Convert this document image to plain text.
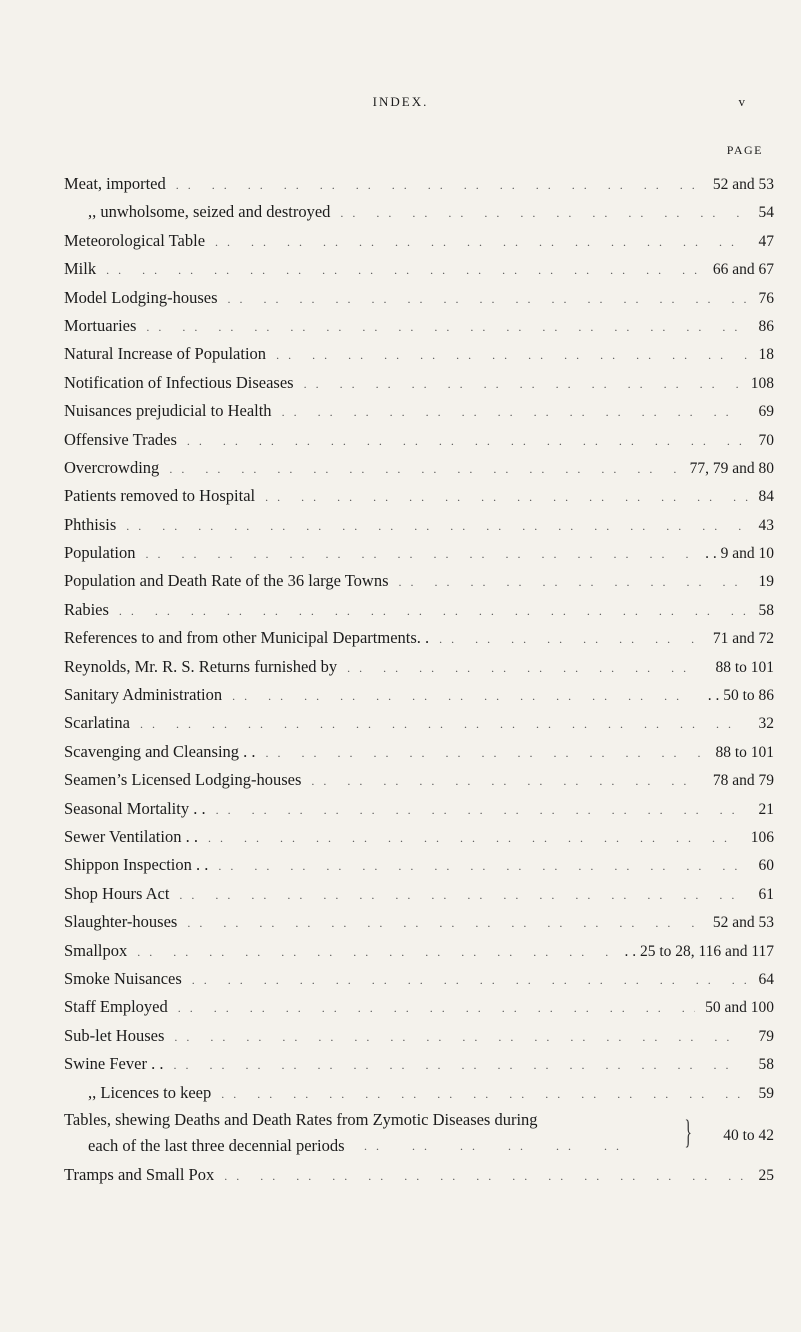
INDEX.	v
PAGE
Meat, imported . .	52 and 53
,, unwholsome, seized and destroyed . .	54
Meteorological Table . .	47
Milk . .	66 and 67
Model Lodging-houses . .	76
Mortuaries . .	86
Natural Increase of Population . .	18
Notification of Infectious Diseases . .	108
Nuisances prejudicial to Health . .	69
Offensive Trades . .	70
Overcrowding . .	77, 79 and 80
Patients removed to Hospital . .	84
Phthisis . .	43
Population . .	. . 9 and 10
Population and Death Rate of the 36 large Towns . .	19
Rabies . .	58
References to and from other Municipal Departments. . . .	71 and 72
Reynolds, Mr. R. S. Returns furnished by . .	88 to 101
Sanitary Administration . .	. . 50 to 86
Scarlatina . .	32
Scavenging and Cleansing . . . .	88 to 101
Seamen’s Licensed Lodging-houses . .	78 and 79
Seasonal Mortality . . . .	21
Sewer Ventilation . . . .	106
Shippon Inspection . . . .	60
Shop Hours Act . .	61
Slaughter-houses . .	52 and 53
Smallpox . .	. . 25 to 28, 116 and 117
Smoke Nuisances . .	64
Staff Employed . .	50 and 100
Sub-let Houses . .	79
Swine Fever . . . .	58
,, Licences to keep . .	59
Tables, shewing Deaths and Death Rates from Zymotic Diseases during
each of the last three decennial periods . .     . .     . .     . .     . .     . .	} 40 to 42
Tramps and Small Pox . .	25
